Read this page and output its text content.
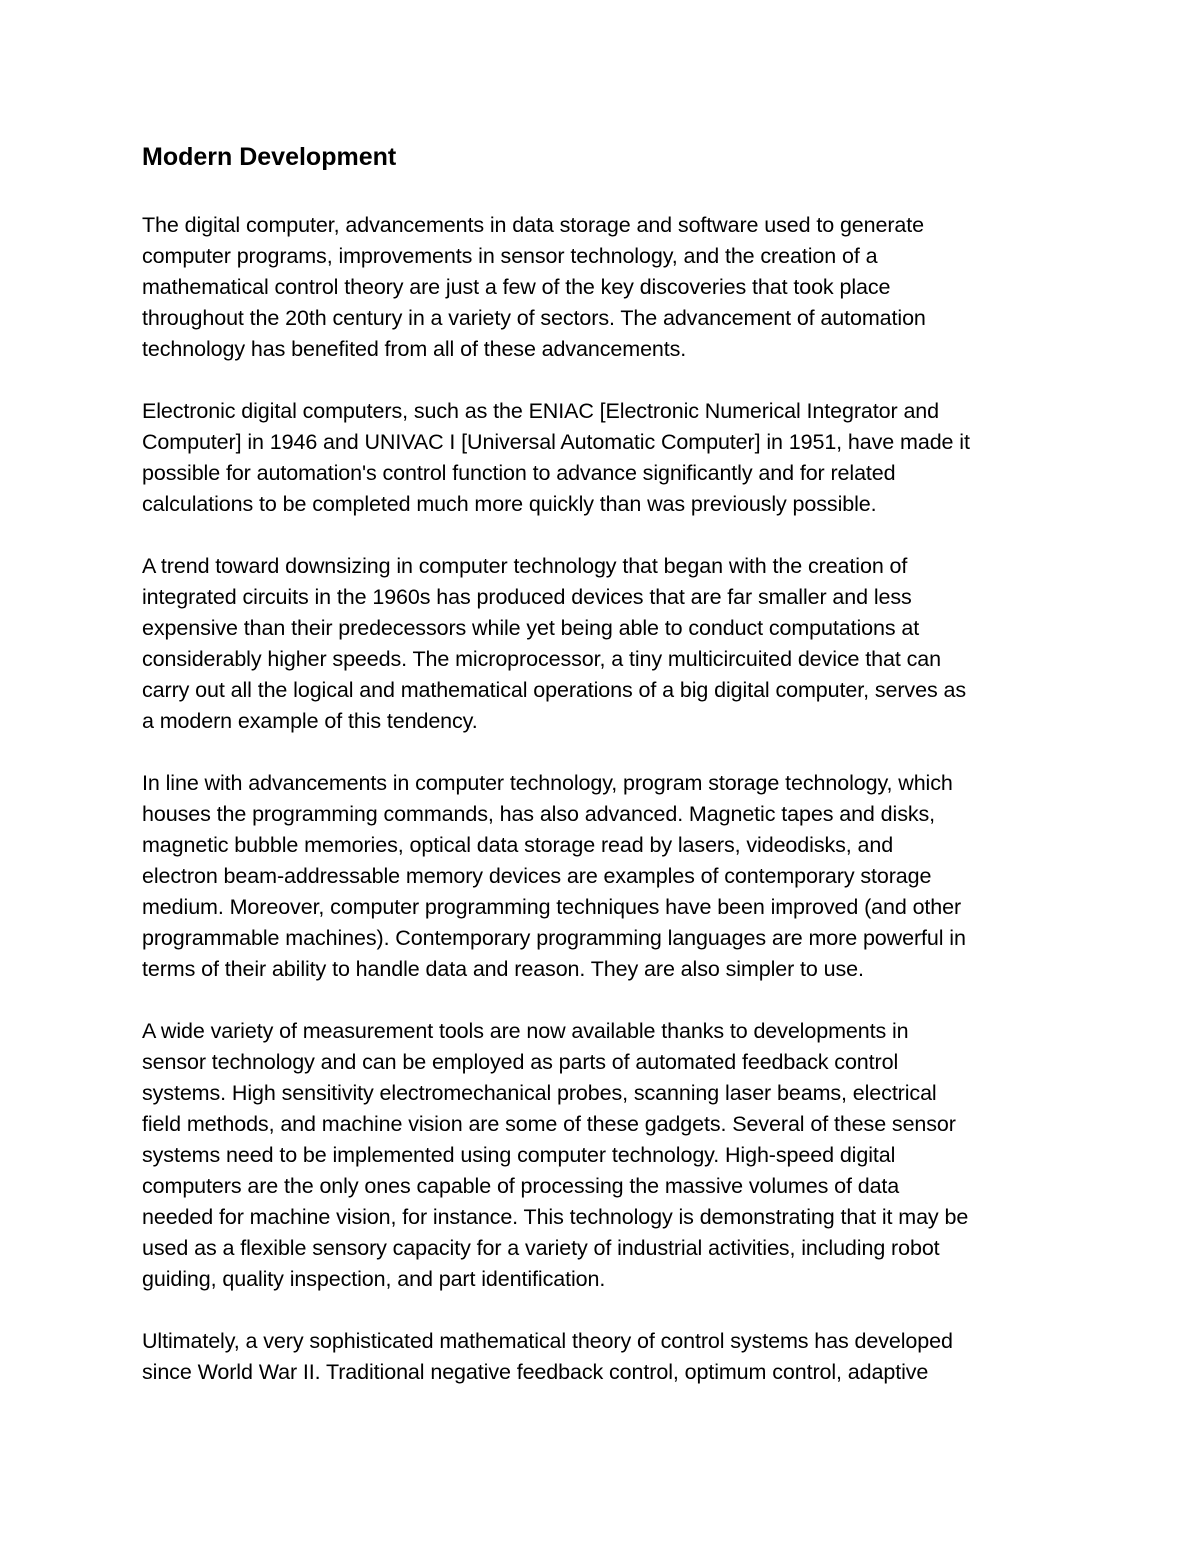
Modern Development
The digital computer, advancements in data storage and software used to generate
computer programs, improvements in sensor technology, and the creation of a
mathematical control theory are just a few of the key discoveries that took place
throughout the 20th century in a variety of sectors. The advancement of automation
technology has benefited from all of these advancements.
Electronic digital computers, such as the ENIAC [Electronic Numerical Integrator and
Computer] in 1946 and UNIVAC I [Universal Automatic Computer] in 1951, have made it
possible for automation's control function to advance significantly and for related
calculations to be completed much more quickly than was previously possible.
A trend toward downsizing in computer technology that began with the creation of
integrated circuits in the 1960s has produced devices that are far smaller and less
expensive than their predecessors while yet being able to conduct computations at
considerably higher speeds. The microprocessor, a tiny multicircuited device that can
carry out all the logical and mathematical operations of a big digital computer, serves as
a modern example of this tendency.
In line with advancements in computer technology, program storage technology, which
houses the programming commands, has also advanced. Magnetic tapes and disks,
magnetic bubble memories, optical data storage read by lasers, videodisks, and
electron beam-addressable memory devices are examples of contemporary storage
medium. Moreover, computer programming techniques have been improved (and other
programmable machines). Contemporary programming languages are more powerful in
terms of their ability to handle data and reason. They are also simpler to use.
A wide variety of measurement tools are now available thanks to developments in
sensor technology and can be employed as parts of automated feedback control
systems. High sensitivity electromechanical probes, scanning laser beams, electrical
field methods, and machine vision are some of these gadgets. Several of these sensor
systems need to be implemented using computer technology. High-speed digital
computers are the only ones capable of processing the massive volumes of data
needed for machine vision, for instance. This technology is demonstrating that it may be
used as a flexible sensory capacity for a variety of industrial activities, including robot
guiding, quality inspection, and part identification.
Ultimately, a very sophisticated mathematical theory of control systems has developed
since World War II. Traditional negative feedback control, optimum control, adaptive
